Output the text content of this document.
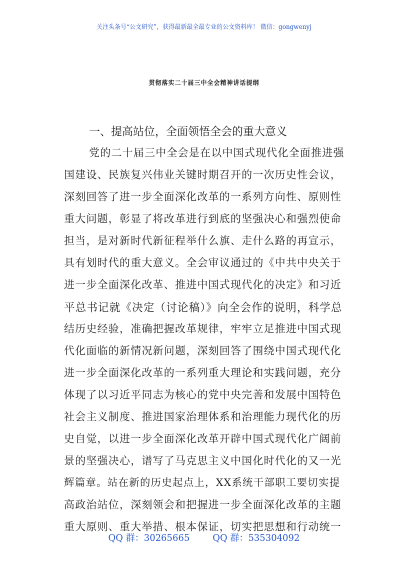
关注头条号“公文研究”，获得最新最全最专业的公文资料库！ 微信：gongwenyj
贯彻落实二十届三中全会精神讲话提纲
一、提高站位，全面领悟全会的重大意义
党的二十届三中全会是在以中国式现代化全面推进强
国建设、民族复兴伟业关键时期召开的一次历史性会议，
深刻回答了进一步全面深化改革的一系列方向性、原则性
重大问题，彰显了将改革进行到底的坚强决心和强烈使命
担当，是对新时代新征程举什么旗、走什么路的再宣示，
具有划时代的重大意义。全会审议通过的《中共中央关于
进一步全面深化改革、推进中国式现代化的决定》和习近
平总书记就《决定（讨论稿）》向全会作的说明，科学总
结历史经验，准确把握改革规律，牢牢立足推进中国式现
代化面临的新情况新问题，深刻回答了围绕中国式现代化
进一步全面深化改革的一系列重大理论和实践问题，充分
体现了以习近平同志为核心的党中央完善和发展中国特色
社会主义制度、推进国家治理体系和治理能力现代化的历
史自觉，以进一步全面深化改革开辟中国式现代化广阔前
景的坚强决心，谱写了马克思主义中国化时代化的又一光
辉篇章。站在新的历史起点上，XX系统干部职工要切实提
高政治站位，深刻领会和把握进一步全面深化改革的主题
重大原则、重大举措、根本保证，切实把思想和行动统一
QQ 群：30265665	QQ 群：535304092
